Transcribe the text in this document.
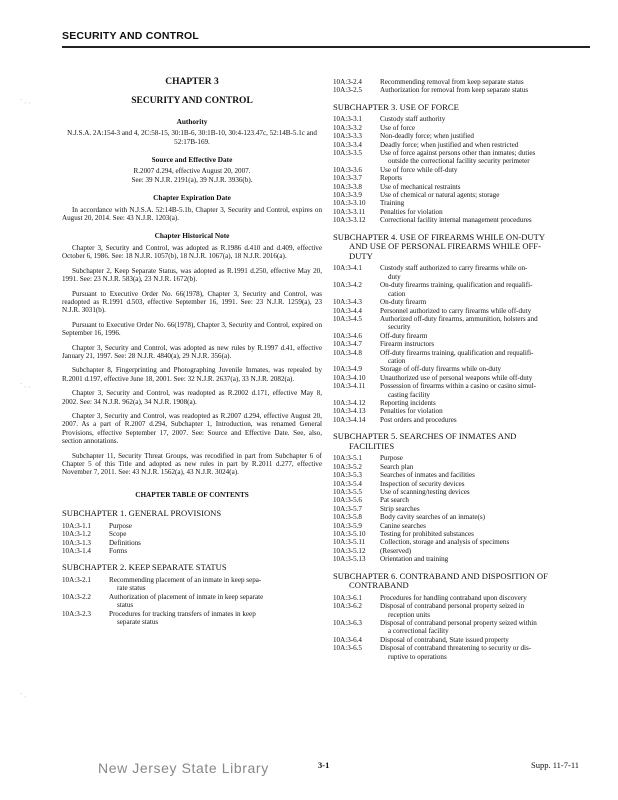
SECURITY AND CONTROL
· ˏ ˏ
· ˏ ˏ
· ˏ
CHAPTER 3
SECURITY AND CONTROL
Authority
N.J.S.A. 2A:154-3 and 4, 2C:58-15, 30:1B-6, 30:1B-10, 30:4-123.47c, 52:14B-5.1c and 52:17B-169.
Source and Effective Date
R.2007 d.294, effective August 20, 2007.
See: 39 N.J.R. 2191(a), 39 N.J.R. 3936(b).
Chapter Expiration Date
In accordance with N.J.S.A. 52:14B-5.1b, Chapter 3, Security and Control, expires on August 20, 2014. See: 43 N.J.R. 1203(a).
Chapter Historical Note
Chapter 3, Security and Control, was adopted as R.1986 d.410 and d.409, effective October 6, 1986. See: 18 N.J.R. 1057(b), 18 N.J.R. 1067(a), 18 N.J.R. 2016(a).
Subchapter 2, Keep Separate Status, was adopted as R.1991 d.250, effective May 20, 1991. See: 23 N.J.R. 583(a), 23 N.J.R. 1672(b).
Pursuant to Executive Order No. 66(1978), Chapter 3, Security and Control, was readopted as R.1991 d.503, effective September 16, 1991. See: 23 N.J.R. 1259(a), 23 N.J.R. 3031(b).
Pursuant to Executive Order No. 66(1978), Chapter 3, Security and Control, expired on September 16, 1996.
Chapter 3, Security and Control, was adopted as new rules by R.1997 d.41, effective January 21, 1997. See: 28 N.J.R. 4840(a), 29 N.J.R. 356(a).
Subchapter 8, Fingerprinting and Photographing Juvenile Inmates, was repealed by R.2001 d.197, effective June 18, 2001. See: 32 N.J.R. 2637(a), 33 N.J.R. 2082(a).
Chapter 3, Security and Control, was readopted as R.2002 d.171, effective May 8, 2002. See: 34 N.J.R. 962(a), 34 N.J.R. 1908(a).
Chapter 3, Security and Control, was readopted as R.2007 d.294, effective August 20, 2007. As a part of R.2007 d.294, Subchapter 1, Introduction, was renamed General Provisions, effective September 17, 2007. See: Source and Effective Date. See, also, section annotations.
Subchapter 11, Security Threat Groups, was recodified in part from Subchapter 6 of Chapter 5 of this Title and adopted as new rules in part by R.2011 d.277, effective November 7, 2011. See: 43 N.J.R. 1562(a), 43 N.J.R. 3024(a).
CHAPTER TABLE OF CONTENTS
SUBCHAPTER 1. GENERAL PROVISIONS
10A:3-1.1	Purpose
10A:3-1.2	Scope
10A:3-1.3	Definitions
10A:3-1.4	Forms
SUBCHAPTER 2. KEEP SEPARATE STATUS
10A:3-2.1	Recommending placement of an inmate in keep sepa-
rate status
10A:3-2.2	Authorization of placement of inmate in keep separate
status
10A:3-2.3	Procedures for tracking transfers of inmates in keep
separate status
10A:3-2.4	Recommending removal from keep separate status
10A:3-2.5	Authorization for removal from keep separate status
SUBCHAPTER 3. USE OF FORCE
10A:3-3.1	Custody staff authority
10A:3-3.2	Use of force
10A:3-3.3	Non-deadly force; when justified
10A:3-3.4	Deadly force; when justified and when restricted
10A:3-3.5	Use of force against persons other than inmates; duties
outside the correctional facility security perimeter
10A:3-3.6	Use of force while off-duty
10A:3-3.7	Reports
10A:3-3.8	Use of mechanical restraints
10A:3-3.9	Use of chemical or natural agents; storage
10A:3-3.10	Training
10A:3-3.11	Penalties for violation
10A:3-3.12	Correctional facility internal management procedures
SUBCHAPTER 4. USE OF FIREARMS WHILE ON-DUTY
AND USE OF PERSONAL FIREARMS WHILE OFF-
DUTY
10A:3-4.1	Custody staff authorized to carry firearms while on-
duty
10A:3-4.2	On-duty firearms training, qualification and requalifi-
cation
10A:3-4.3	On-duty firearm
10A:3-4.4	Personnel authorized to carry firearms while off-duty
10A:3-4.5	Authorized off-duty firearms, ammunition, holsters and
security
10A:3-4.6	Off-duty firearm
10A:3-4.7	Firearm instructors
10A:3-4.8	Off-duty firearms training, qualification and requalifi-
cation
10A:3-4.9	Storage of off-duty firearms while on-duty
10A:3-4.10	Unauthorized use of personal weapons while off-duty
10A:3-4.11	Possession of firearms within a casino or casino simul-
casting facility
10A:3-4.12	Reporting incidents
10A:3-4.13	Penalties for violation
10A:3-4.14	Post orders and procedures
SUBCHAPTER 5. SEARCHES OF INMATES AND
FACILITIES
10A:3-5.1	Purpose
10A:3-5.2	Search plan
10A:3-5.3	Searches of inmates and facilities
10A:3-5.4	Inspection of security devices
10A:3-5.5	Use of scanning/testing devices
10A:3-5.6	Pat search
10A:3-5.7	Strip searches
10A:3-5.8	Body cavity searches of an inmate(s)
10A:3-5.9	Canine searches
10A:3-5.10	Testing for prohibited substances
10A:3-5.11	Collection, storage and analysis of specimens
10A:3-5.12	(Reserved)
10A:3-5.13	Orientation and training
SUBCHAPTER 6. CONTRABAND AND DISPOSITION OF
CONTRABAND
10A:3-6.1	Procedures for handling contraband upon discovery
10A:3-6.2	Disposal of contraband personal property seized in
reception units
10A:3-6.3	Disposal of contraband personal property seized within
a correctional facility
10A:3-6.4	Disposal of contraband, State issued property
10A:3-6.5	Disposal of contraband threatening to security or dis-
ruptive to operations
New Jersey State Library	3-1	Supp. 11-7-11
